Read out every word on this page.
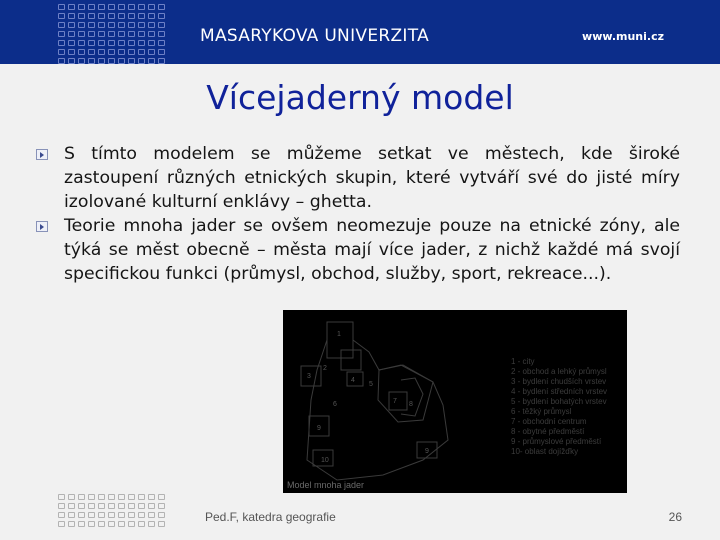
MASARYKOVA UNIVERZITA	www.muni.cz
Vícejaderný model
S tímto modelem se můžeme setkat ve městech, kde široké zastoupení různých etnických skupin, které vytváří své do jisté míry izolované kulturní enklávy – ghetta.
Teorie mnoha jader se ovšem neomezuje pouze na etnické zóny, ale týká se měst obecně – města mají více jader, z nichž každé má svojí specifickou funkci (průmysl, obchod, služby, sport, rekreace...).
1
2
3
4
5
6	7 8
9
10
9
1 - city
2 - obchod a lehký průmysl
3 - bydlení chudších vrstev
4 - bydlení středních vrstev
5 - bydlení bohatých vrstev
6 - těžký průmysl
7 - obchodní centrum
8 - obytné předměstí
9 - průmyslové předměstí
10- oblast dojížďky
Model mnoha jader
Ped.F, katedra geografie	26
